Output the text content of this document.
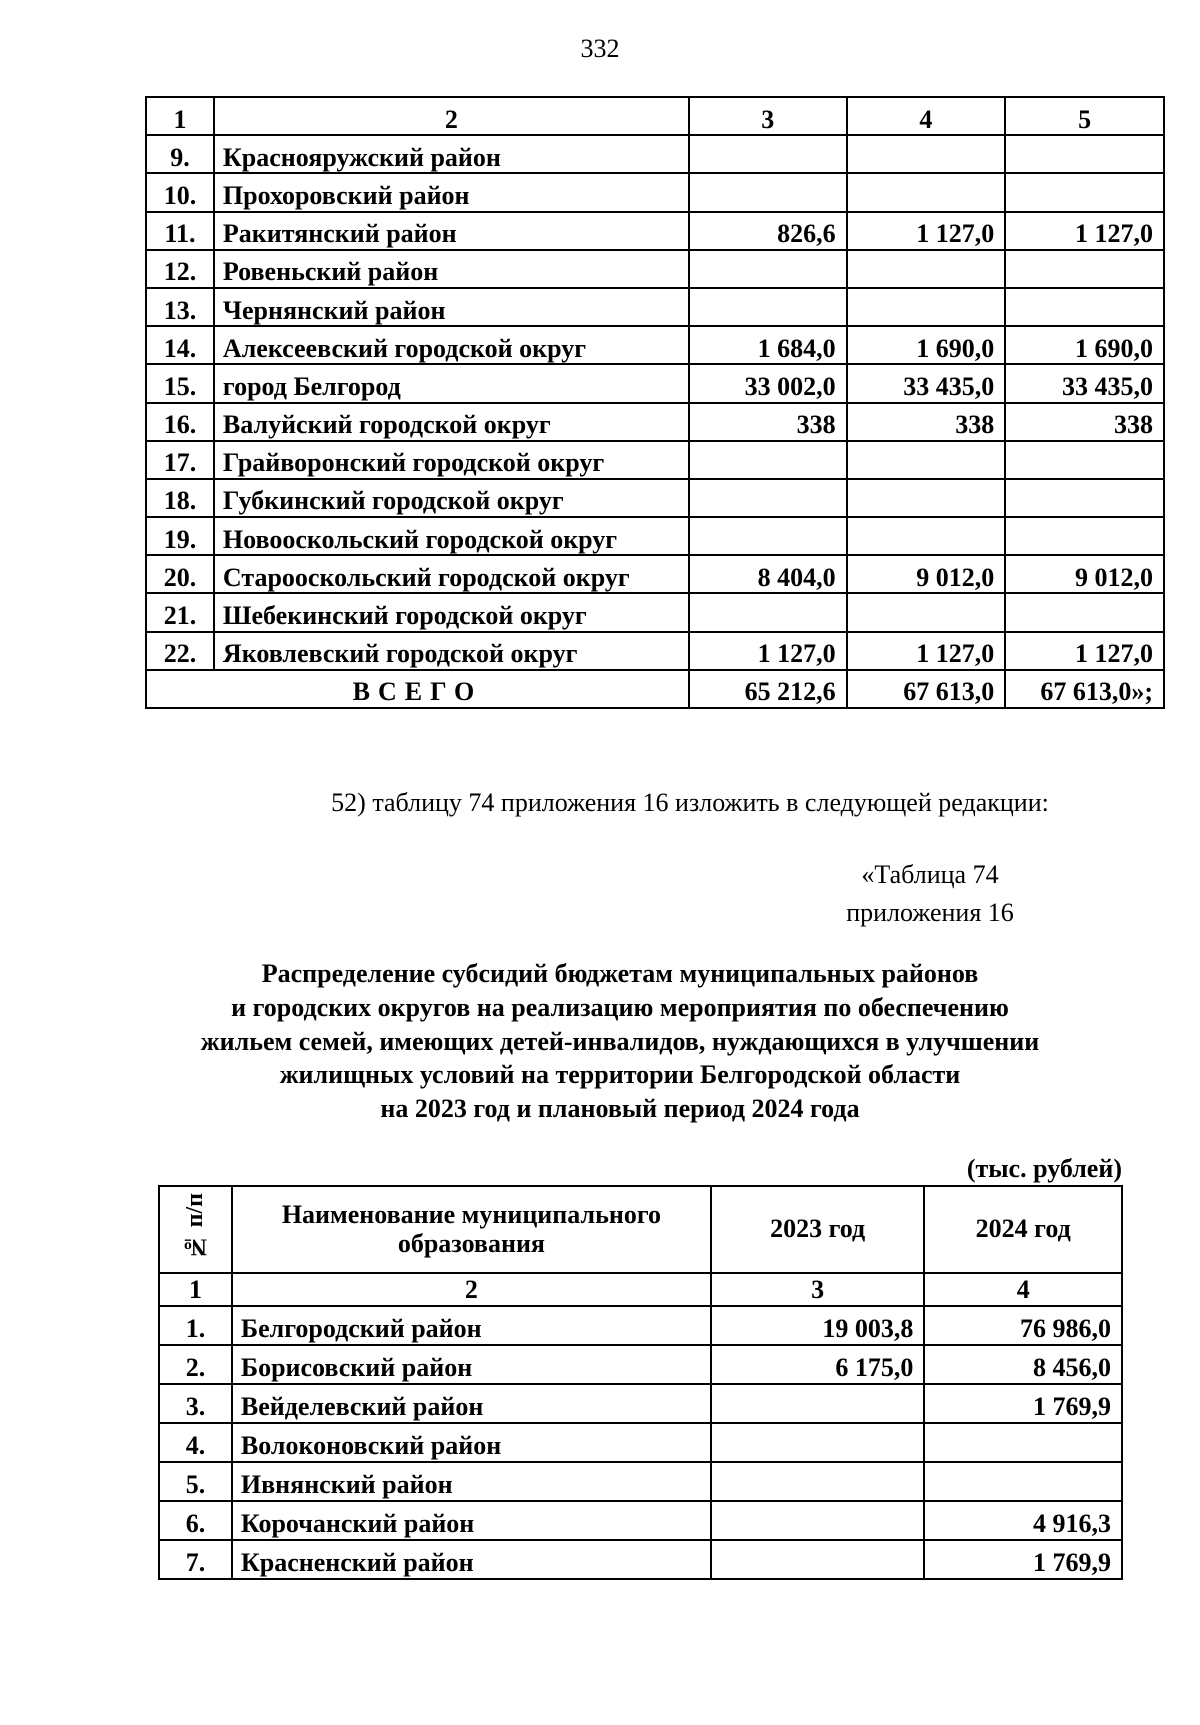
332
1	2	3	4	5
9.	Краснояружский район			
10.	Прохоровский район			
11.	Ракитянский район	826,6	1 127,0	1 127,0
12.	Ровеньский район			
13.	Чернянский район			
14.	Алексеевский городской округ	1 684,0	1 690,0	1 690,0
15.	город Белгород	33 002,0	33 435,0	33 435,0
16.	Валуйский городской округ	338	338	338
17.	Грайворонский городской округ			
18.	Губкинский городской округ			
19.	Новооскольский городской округ			
20.	Старооскольский городской округ	8 404,0	9 012,0	9 012,0
21.	Шебекинский городской округ			
22.	Яковлевский городской округ	1 127,0	1 127,0	1 127,0
ВСЕГО		65 212,6	67 613,0	67 613,0»;
52) таблицу 74 приложения 16 изложить в следующей редакции:
«Таблица 74
приложения 16
Распределение субсидий бюджетам муниципальных районов
и городских округов на реализацию мероприятия по обеспечению
жильем семей, имеющих детей-инвалидов, нуждающихся в улучшении
жилищных условий на территории Белгородской области
на 2023 год и плановый период 2024 года
(тыс. рублей)
№ п/п	Наименование муниципального образования	2023 год	2024 год
1	2	3	4
1.	Белгородский район	19 003,8	76 986,0
2.	Борисовский район	6 175,0	8 456,0
3.	Вейделевский район		1 769,9
4.	Волоконовский район		
5.	Ивнянский район		
6.	Корочанский район		4 916,3
7.	Красненский район		1 769,9
